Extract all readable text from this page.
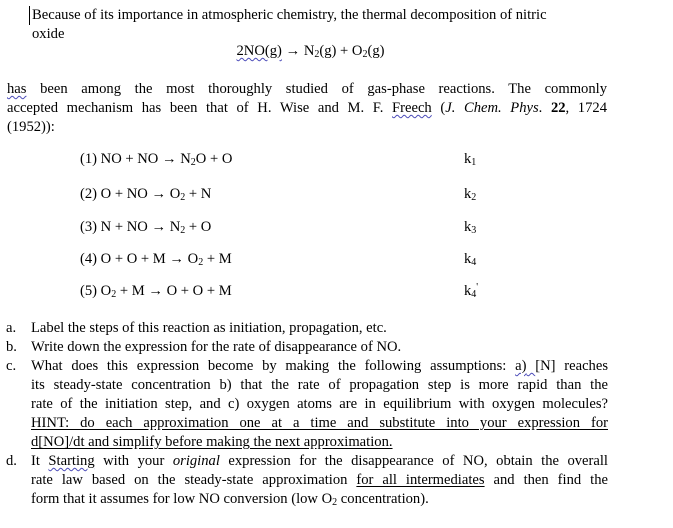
Because of its importance in atmospheric chemistry, the thermal decomposition of nitric
oxide
$2NO(g) \to N_2(g) + O_2(g)$
has been among the most thoroughly studied of gas-phase reactions. The commonly
accepted mechanism has been that of H. Wise and M. F. Freech (J. Chem. Phys. 22, 1724
(1952)):
(1) NO + NO → $N_2O + O$	$k_1$
(2) O + NO → $O_2 + N$	$k_2$
(3) N + NO → $N_2 + O$	$k_3$
(4) $O + O + M \to O_2 + M$	$k_4$
(5) $O_2 + M \to O + O + M$	$k_4'$
a. Label the steps of this reaction as initiation, propagation, etc.
b. Write down the expression for the rate of disappearance of NO.
c. What does this expression become by making the following assumptions: a) [N] reaches
its steady-state concentration b) that the rate of propagation step is more rapid than the
rate of the initiation step, and c) oxygen atoms are in equilibrium with oxygen molecules?
HINT: do each approximation one at a time and substitute into your expression for
d[NO]/dt and simplify before making the next approximation.
d. It Starting with your original expression for the disappearance of NO, obtain the overall
rate law based on the steady-state approximation for all intermediates and then find the
form that it assumes for low NO conversion (low $O_2$ concentration).
